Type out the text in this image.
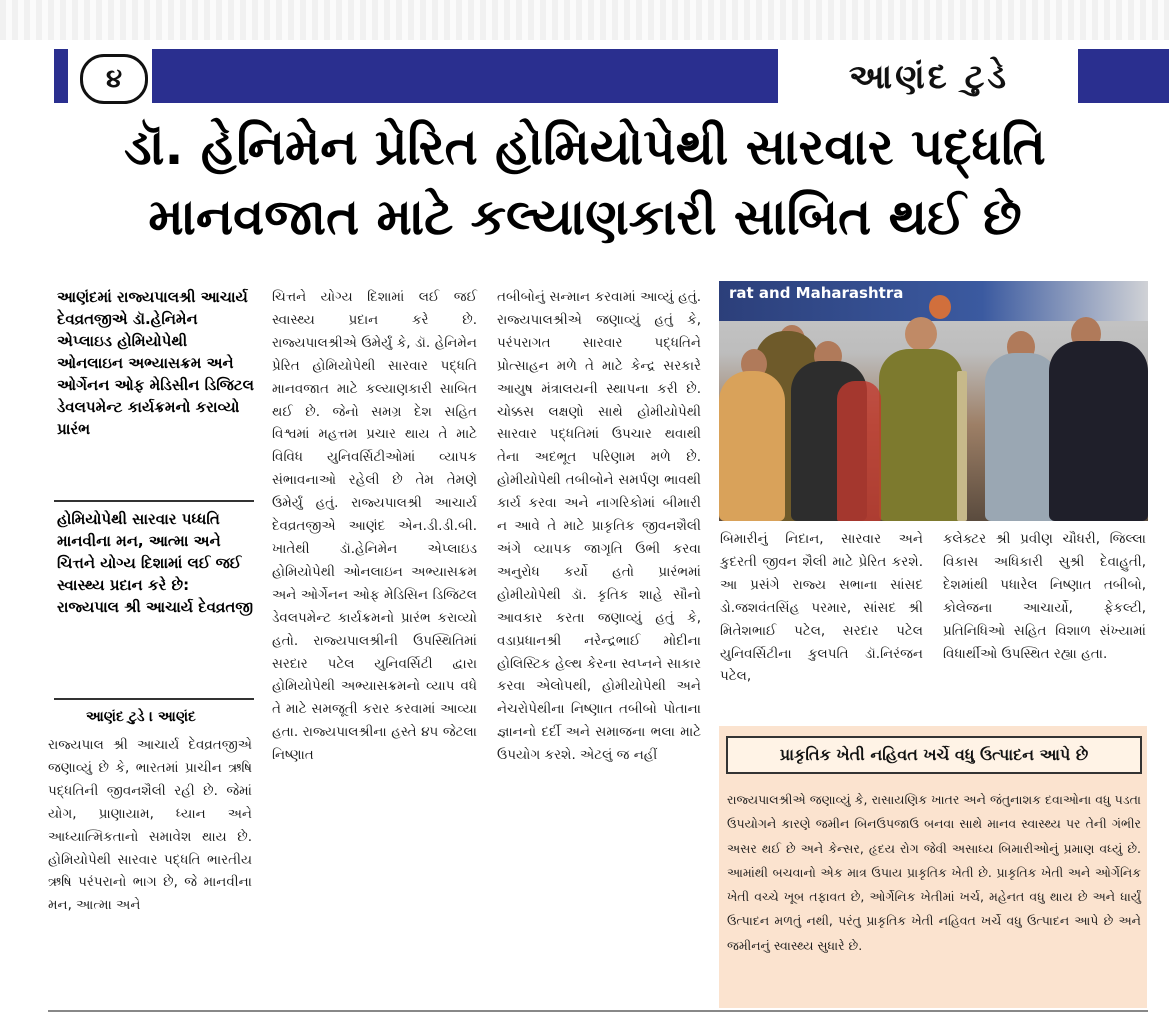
૪	આણંદ ટુડે
ડૉ. હેનિમેન પ્રેરિત હોમિયોપેથી સારવાર પદ્ધતિ
માનવજાત માટે કલ્યાણકારી સાબિત થઈ છે
આણંદમાં રાજ્યપાલશ્રી આચાર્ય દેવવ્રતજીએ ડૉ.હેનિમેન એપ્લાઇડ હોમિયોપેથી ઓનલાઇન અભ્યાસક્રમ અને ઓર્ગેનન ઓફ મેડિસીન ડિજિટલ ડેવલપમેન્ટ કાર્યક્રમનો કરાવ્યો પ્રારંભ
હોમિયોપેથી સારવાર પધ્ધતિ માનવીના મન, આત્મા અને ચિત્તને યોગ્ય દિશામાં લઈ જઈ સ્વાસ્થ્ય પ્રદાન કરે છે: રાજ્યપાલ શ્રી આચાર્ય દેવવ્રતજી
આણંદ ટુડે । આણંદ
રાજ્યપાલ શ્રી આચાર્ય દેવવ્રતજીએ જણાવ્યું છે કે, ભારતમાં પ્રાચીન ઋષિ પદ્ધતિની જીવનશૈલી રહી છે. જેમાં યોગ, પ્રાણાયામ, ધ્યાન અને આધ્યાત્મિકતાનો સમાવેશ થાય છે. હોમિયોપેથી સારવાર પદ્ધતિ ભારતીય ઋષિ પરંપરાનો ભાગ છે, જે માનવીના મન, આત્મા અને
ચિત્તને યોગ્ય દિશામાં લઈ જઈ સ્વાસ્થ્ય પ્રદાન કરે છે. રાજ્યપાલશ્રીએ ઉમેર્યું કે, ડૉ. હેનિમેન પ્રેરિત હોમિયોપેથી સારવાર પદ્ધતિ માનવજાત માટે કલ્યાણકારી સાબિત થઈ છે. જેનો સમગ્ર દેશ સહિત વિશ્વમાં મહત્તમ પ્રચાર થાય તે માટે વિવિધ યુનિવર્સિટીઓમાં વ્યાપક સંભાવનાઓ રહેલી છે તેમ તેમણે ઉમેર્યું હતું. રાજ્યપાલશ્રી આચાર્ય દેવવ્રતજીએ આણંદ એન.ડી.ડી.બી. ખાતેથી ડૉ.હેનિમેન એપ્લાઇડ હોમિયોપેથી ઓનલાઇન અભ્યાસક્રમ અને ઓર્ગેનન ઓફ મેડિસિન ડિજિટલ ડેવલપમેન્ટ કાર્યક્રમનો પ્રારંભ કરાવ્યો હતો. રાજ્યપાલશ્રીની ઉપસ્થિતિમાં સરદાર પટેલ યુનિવર્સિટી દ્વારા હોમિયોપેથી અભ્યાસક્રમનો વ્યાપ વધે તે માટે સમજૂતી કરાર કરવામાં આવ્યા હતા. રાજ્યપાલશ્રીના હસ્તે ૪૫ જેટલા નિષ્ણાત
તબીબોનું સન્માન કરવામાં આવ્યું હતું. રાજ્યપાલશ્રીએ જણાવ્યું હતું કે, પરંપરાગત સારવાર પદ્ધતિને પ્રોત્સાહન મળે તે માટે કેન્દ્ર સરકારે આયુષ મંત્રાલયની સ્થાપના કરી છે. ચોક્કસ લક્ષણો સાથે હોમીયોપેથી સારવાર પદ્ધતિમાં ઉપચાર થવાથી તેના અદભૂત પરિણામ મળે છે. હોમીયોપેથી તબીબોને સમર્પણ ભાવથી કાર્ય કરવા અને નાગરિકોમાં બીમારી ન આવે તે માટે પ્રાકૃતિક જીવનશૈલી અંગે વ્યાપક જાગૃતિ ઉભી કરવા અનુરોધ કર્યો હતો પ્રારંભમાં હોમીયોપેથી ડૉ. કૃતિક શાહે સૌનો આવકાર કરતા જણાવ્યું હતું કે, વડાપ્રધાનશ્રી નરેન્દ્રભાઈ મોદીના હોલિસ્ટિક હેલ્થ કેરના સ્વપ્નને સાકાર કરવા એલોપથી, હોમીયોપેથી અને નેચરોપેથીના નિષ્ણાત તબીબો પોતાના જ્ઞાનનો દર્દી અને સમાજના ભલા માટે ઉપયોગ કરશે. એટલું જ નહીં
rat and Maharashtra
બિમારીનું નિદાન, સારવાર અને કુદરતી જીવન શૈલી માટે પ્રેરિત કરશે. આ પ્રસંગે રાજ્ય સભાના સાંસદ ડો.જશવંતસિંહ પરમાર, સાંસદ શ્રી મિતેશભાઈ પટેલ, સરદાર પટેલ યુનિવર્સિટીના કુલપતિ ડૉ.નિરંજન પટેલ,
કલેક્ટર શ્રી પ્રવીણ ચૌધરી, જિલ્લા વિકાસ અધિકારી સુશ્રી દેવાહુતી, દેશમાંથી પધારેલ નિષ્ણાત તબીબો, કોલેજના આચાર્યો, ફેકલ્ટી, પ્રતિનિધિઓ સહિત વિશાળ સંખ્યામાં વિધાર્થીઓ ઉપસ્થિત રહ્યા હતા.
પ્રાકૃતિક ખેતી નહિવત ખર્ચે વધુ ઉત્પાદન આપે છે
રાજ્યપાલશ્રીએ જણાવ્યું કે, રાસાયણિક ખાતર અને જંતુનાશક દવાઓના વધુ પડતા ઉપયોગને કારણે જમીન બિનઉપજાઉ બનવા સાથે માનવ સ્વાસ્થ્ય પર તેની ગંભીર અસર થઈ છે અને કેન્સર, હૃદય રોગ જેવી અસાધ્ય બિમારીઓનું પ્રમાણ વધ્યું છે. આમાંથી બચવાનો એક માત્ર ઉપાય પ્રાકૃતિક ખેતી છે. પ્રાકૃતિક ખેતી અને ઓર્ગેનિક ખેતી વચ્ચે ખૂબ તફાવત છે, ઓર્ગેનિક ખેતીમાં ખર્ચ, મહેનત વધુ થાય છે અને ધાર્યું ઉત્પાદન મળતું નથી, પરંતુ પ્રાકૃતિક ખેતી નહિવત ખર્ચે વધુ ઉત્પાદન આપે છે અને જમીનનું સ્વાસ્થ્ય સુધારે છે.
